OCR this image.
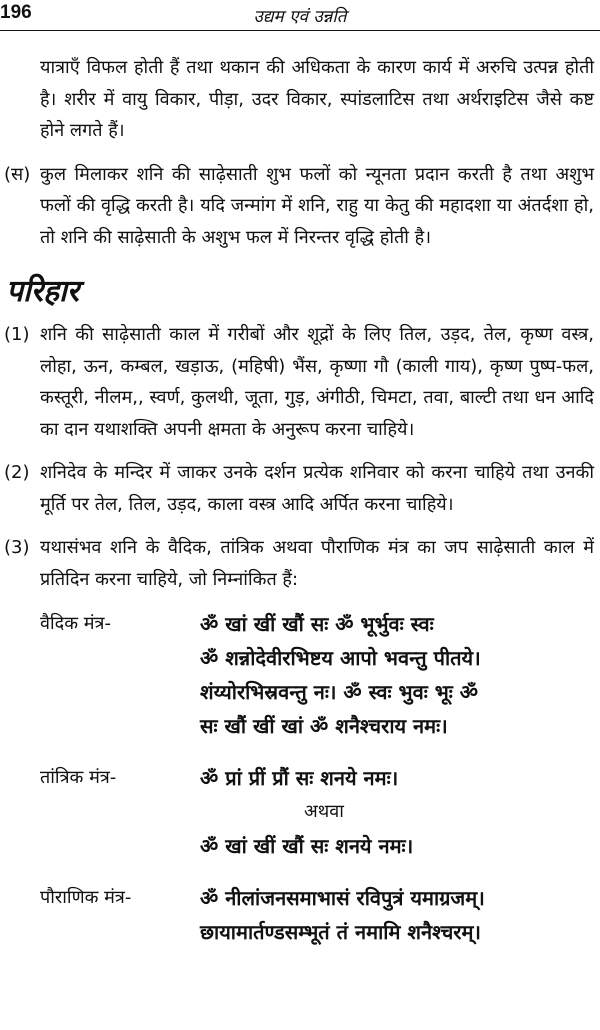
196	उद्यम एवं उन्नति

यात्राएँ विफल होती हैं तथा थकान की अधिकता के कारण कार्य में अरुचि उत्पन्न होती है। शरीर में वायु विकार, पीड़ा, उदर विकार, स्पांडलाटिस तथा अर्थराइटिस जैसे कष्ट होने लगते हैं।

(स) कुल मिलाकर शनि की साढ़ेसाती शुभ फलों को न्यूनता प्रदान करती है तथा अशुभ फलों की वृद्धि करती है। यदि जन्मांग में शनि, राहु या केतु की महादशा या अंतर्दशा हो, तो शनि की साढ़ेसाती के अशुभ फल में निरन्तर वृद्धि होती है।

परिहार

(1) शनि की साढ़ेसाती काल में गरीबों और शूद्रों के लिए तिल, उड़द, तेल, कृष्ण वस्त्र, लोहा, ऊन, कम्बल, खड़ाऊ, (महिषी) भैंस, कृष्णा गौ (काली गाय), कृष्ण पुष्प-फल, कस्तूरी, नीलम,, स्वर्ण, कुलथी, जूता, गुड़, अंगीठी, चिमटा, तवा, बाल्टी तथा धन आदि का दान यथाशक्ति अपनी क्षमता के अनुरूप करना चाहिये।

(2) शनिदेव के मन्दिर में जाकर उनके दर्शन प्रत्येक शनिवार को करना चाहिये तथा उनकी मूर्ति पर तेल, तिल, उड़द, काला वस्त्र आदि अर्पित करना चाहिये।

(3) यथासंभव शनि के वैदिक, तांत्रिक अथवा पौराणिक मंत्र का जप साढ़ेसाती काल में प्रतिदिन करना चाहिये, जो निम्नांकित हैं:

वैदिक मंत्र-	ॐ खां खीं खौं सः ॐ भूर्भुवः स्वः
ॐ शन्नोदेवीरभिष्टय आपो भवन्तु पीतये।
शंय्योरभिस्रवन्तु नः। ॐ स्वः भुवः भूः ॐ
सः खौं खीं खां ॐ शनैश्चराय नमः।
तांत्रिक मंत्र-	ॐ प्रां प्रीं प्रौं सः शनये नमः।
अथवा
ॐ खां खीं खौं सः शनये नमः।
पौराणिक मंत्र-	ॐ नीलांजनसमाभासं रविपुत्रं यमाग्रजम्।
छायामार्तण्डसम्भूतं तं नमामि शनैश्चरम्।
